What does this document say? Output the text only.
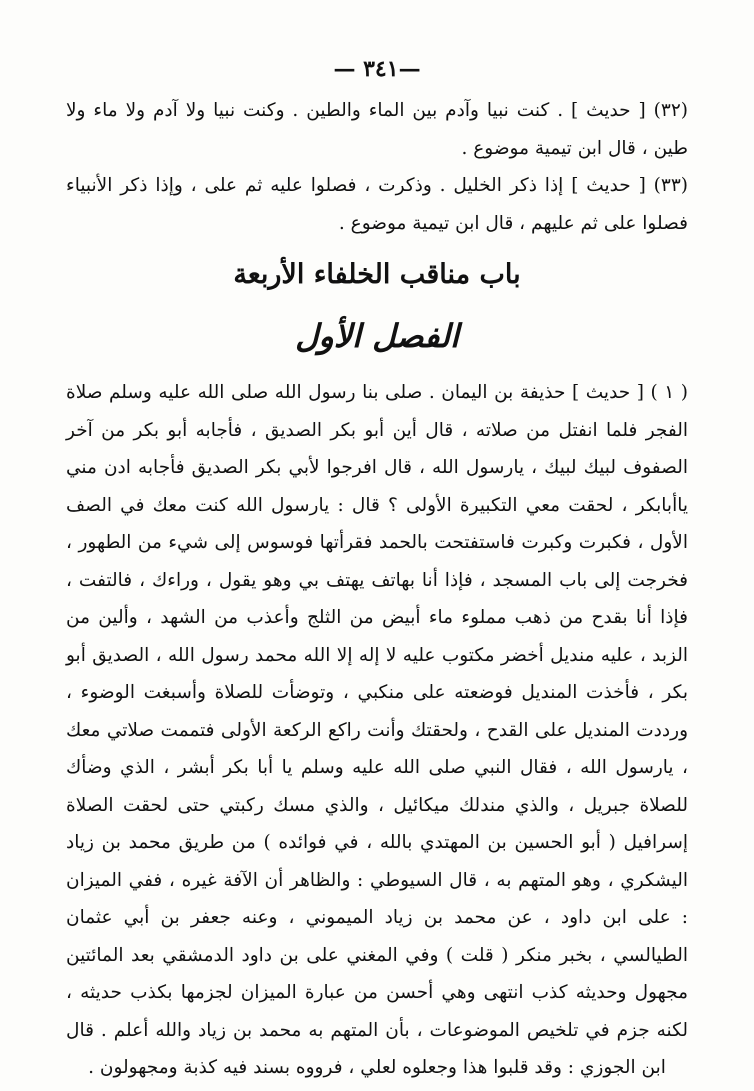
—٣٤١ —

(٣٢) [ حديث ] . كنت نبيا وآدم بين الماء والطين . وكنت نبيا ولا آدم ولا ماء ولا طين ، قال ابن تيمية موضوع .

(٣٣) [ حديث ] إذا ذكر الخليل . وذكرت ، فصلوا عليه ثم على ، وإذا ذكر الأنبياء فصلوا على ثم عليهم ، قال ابن تيمية موضوع .

باب مناقب الخلفاء الأربعة
الفصل الأول

( ١ ) [ حديث ] حذيفة بن اليمان . صلى بنا رسول الله صلى الله عليه وسلم صلاة الفجر فلما انفتل من صلاته ، قال أين أبو بكر الصديق ، فأجابه أبو بكر من آخر الصفوف لبيك لبيك ، يارسول الله ، قال افرجوا لأبي بكر الصديق فأجابه ادن مني ياأبابكر ، لحقت معي التكبيرة الأولى ؟ قال : يارسول الله كنت معك في الصف الأول ، فكبرت وكبرت فاستفتحت بالحمد فقرأتها فوسوس إلى شيء من الطهور ، فخرجت إلى باب المسجد ، فإذا أنا بهاتف يهتف بي وهو يقول ، وراءك ، فالتفت ، فإذا أنا بقدح من ذهب مملوء ماء أبيض من الثلج وأعذب من الشهد ، وألين من الزبد ، عليه منديل أخضر مكتوب عليه لا إله إلا الله محمد رسول الله ، الصديق أبو بكر ، فأخذت المنديل فوضعته على منكبي ، وتوضأت للصلاة وأسبغت الوضوء ، ورددت المنديل على القدح ، ولحقتك وأنت راكع الركعة الأولى فتممت صلاتي معك ، يارسول الله ، فقال النبي صلى الله عليه وسلم يا أبا بكر أبشر ، الذي وضأك للصلاة جبريل ، والذي مندلك ميكائيل ، والذي مسك ركبتي حتى لحقت الصلاة إسرافيل ( أبو الحسين بن المهتدي بالله ، في فوائده ) من طريق محمد بن زياد اليشكري ، وهو المتهم به ، قال السيوطي : والظاهر أن الآفة غيره ، ففي الميزان : على ابن داود ، عن محمد بن زياد الميموني ، وعنه جعفر بن أبي عثمان الطيالسي ، بخبر منكر ( قلت ) وفي المغني على بن داود الدمشقي بعد المائتين مجهول وحديثه كذب انتهى وهي أحسن من عبارة الميزان لجزمها بكذب حديثه ، لكنه جزم في تلخيص الموضوعات ، بأن المتهم به محمد بن زياد والله أعلم . قال ابن الجوزي : وقد قلبوا هذا وجعلوه لعلي ، فرووه بسند فيه كذبة ومجهولون .
